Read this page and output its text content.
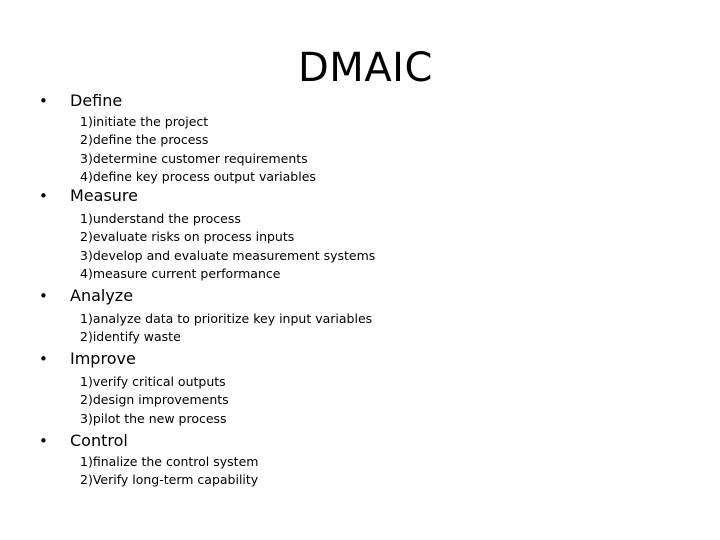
DMAIC
• Define
1)initiate the project
2)define the process
3)determine customer requirements
4)define key process output variables
• Measure
1)understand the process
2)evaluate risks on process inputs
3)develop and evaluate measurement systems
4)measure current performance
• Analyze
1)analyze data to prioritize key input variables
2)identify waste
• Improve
1)verify critical outputs
2)design improvements
3)pilot the new process
• Control
1)finalize the control system
2)Verify long-term capability
